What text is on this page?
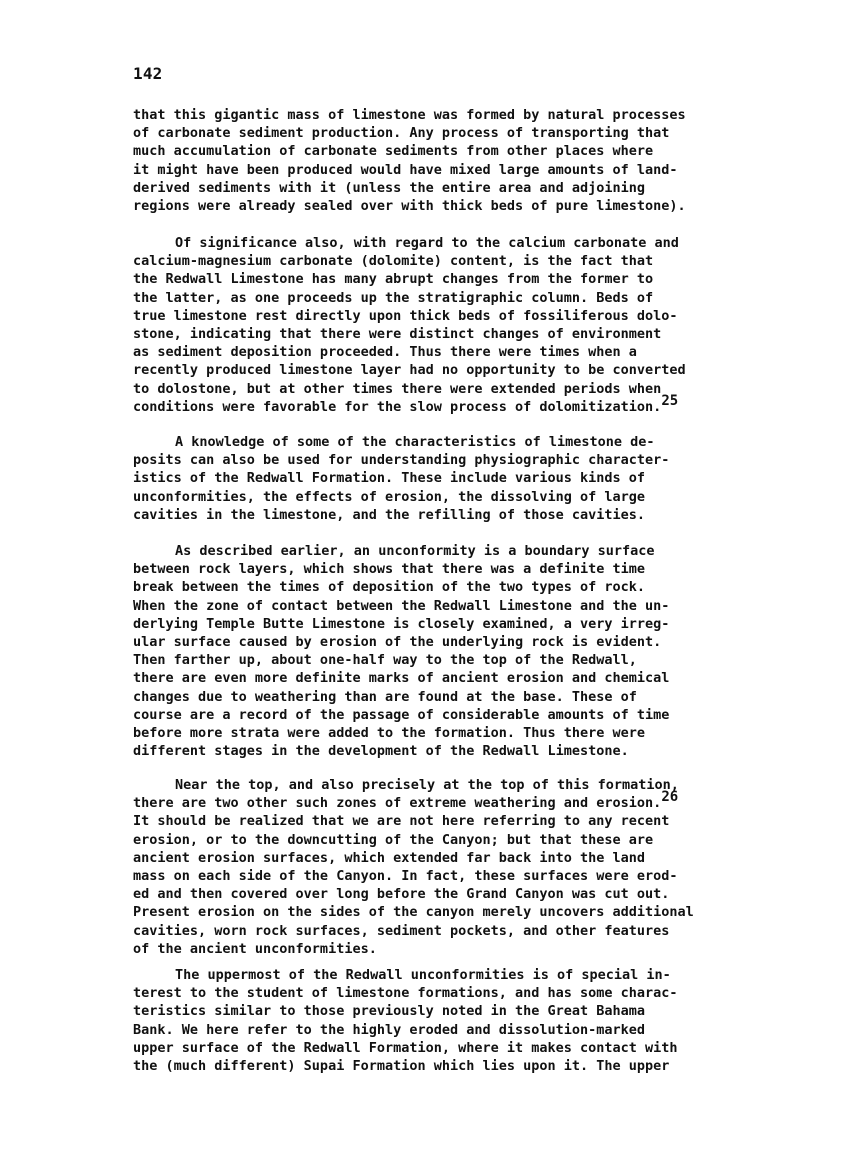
142
that this gigantic mass of limestone was formed by natural processes
of carbonate sediment production. Any process of transporting that
much accumulation of carbonate sediments from other places where
it might have been produced would have mixed large amounts of land-
derived sediments with it (unless the entire area and adjoining
regions were already sealed over with thick beds of pure limestone).
Of significance also, with regard to the calcium carbonate and
calcium-magnesium carbonate (dolomite) content, is the fact that
the Redwall Limestone has many abrupt changes from the former to
the latter, as one proceeds up the stratigraphic column. Beds of
true limestone rest directly upon thick beds of fossiliferous dolo-
stone, indicating that there were distinct changes of environment
as sediment deposition proceeded. Thus there were times when a
recently produced limestone layer had no opportunity to be converted
to dolostone, but at other times there were extended periods when
conditions were favorable for the slow process of dolomitization.$^{25}$
A knowledge of some of the characteristics of limestone de-
posits can also be used for understanding physiographic character-
istics of the Redwall Formation. These include various kinds of
unconformities, the effects of erosion, the dissolving of large
cavities in the limestone, and the refilling of those cavities.
As described earlier, an unconformity is a boundary surface
between rock layers, which shows that there was a definite time
break between the times of deposition of the two types of rock.
When the zone of contact between the Redwall Limestone and the un-
derlying Temple Butte Limestone is closely examined, a very irreg-
ular surface caused by erosion of the underlying rock is evident.
Then farther up, about one-half way to the top of the Redwall,
there are even more definite marks of ancient erosion and chemical
changes due to weathering than are found at the base. These of
course are a record of the passage of considerable amounts of time
before more strata were added to the formation. Thus there were
different stages in the development of the Redwall Limestone.
Near the top, and also precisely at the top of this formation,
there are two other such zones of extreme weathering and erosion.$^{26}$
It should be realized that we are not here referring to any recent
erosion, or to the downcutting of the Canyon; but that these are
ancient erosion surfaces, which extended far back into the land
mass on each side of the Canyon. In fact, these surfaces were erod-
ed and then covered over long before the Grand Canyon was cut out.
Present erosion on the sides of the canyon merely uncovers additional
cavities, worn rock surfaces, sediment pockets, and other features
of the ancient unconformities.
The uppermost of the Redwall unconformities is of special in-
terest to the student of limestone formations, and has some charac-
teristics similar to those previously noted in the Great Bahama
Bank. We here refer to the highly eroded and dissolution-marked
upper surface of the Redwall Formation, where it makes contact with
the (much different) Supai Formation which lies upon it. The upper
